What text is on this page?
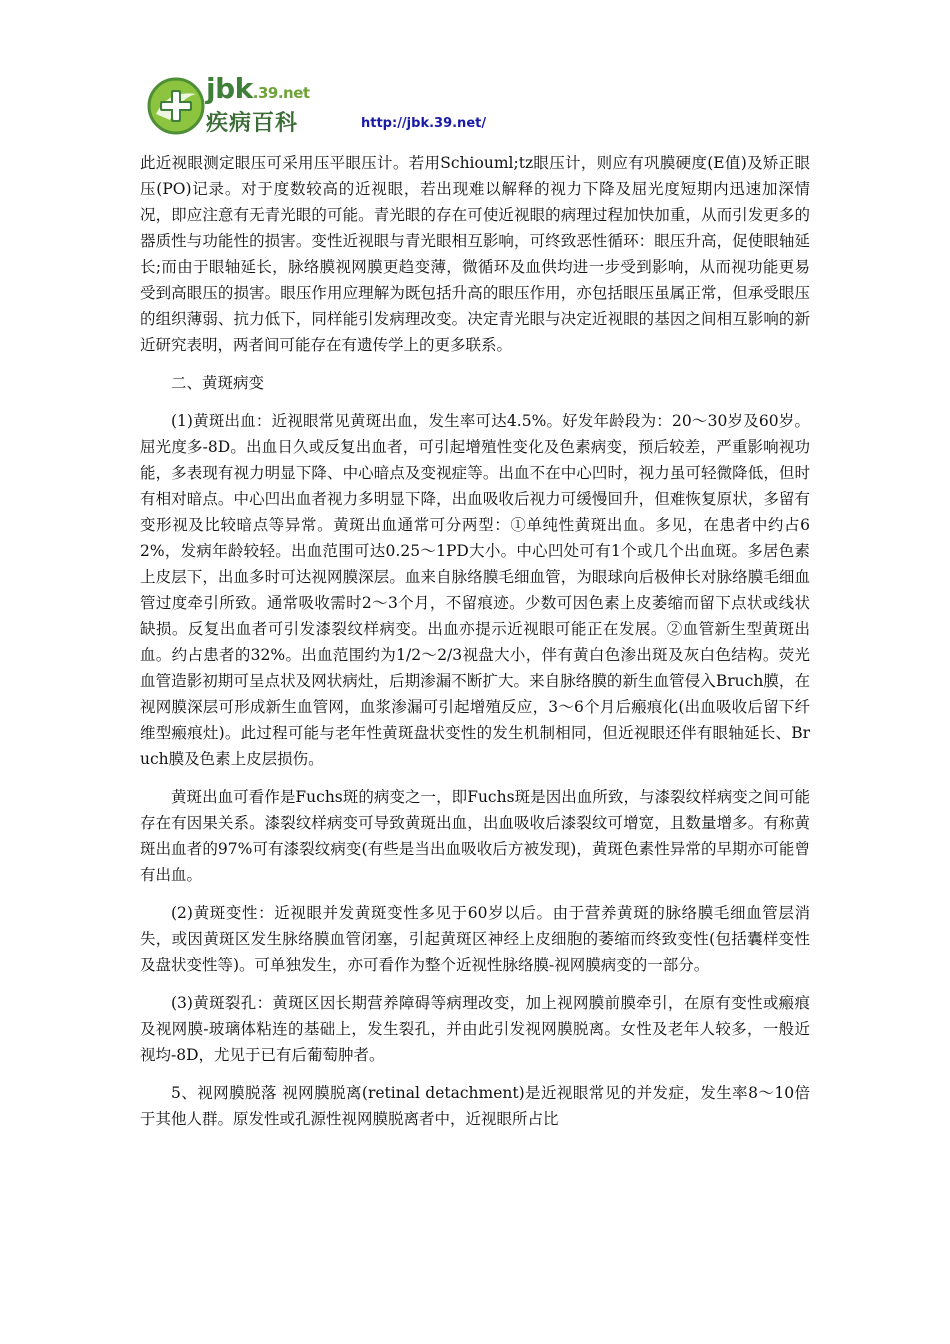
jbk.39.net
疾病百科	http://jbk.39.net/

此近视眼测定眼压可采用压平眼压计。若用Schiouml;tz眼压计，则应有巩膜硬度(E值)及矫正眼压(PO)记录。对于度数较高的近视眼，若出现难以解释的视力下降及屈光度短期内迅速加深情况，即应注意有无青光眼的可能。青光眼的存在可使近视眼的病理过程加快加重，从而引发更多的器质性与功能性的损害。变性近视眼与青光眼相互影响，可终致恶性循环：眼压升高，促使眼轴延长;而由于眼轴延长，脉络膜视网膜更趋变薄，微循环及血供均进一步受到影响，从而视功能更易受到高眼压的损害。眼压作用应理解为既包括升高的眼压作用，亦包括眼压虽属正常，但承受眼压的组织薄弱、抗力低下，同样能引发病理改变。决定青光眼与决定近视眼的基因之间相互影响的新近研究表明，两者间可能存在有遗传学上的更多联系。

二、黄斑病变

(1)黄斑出血：近视眼常见黄斑出血，发生率可达4.5%。好发年龄段为：20～30岁及60岁。屈光度多-8D。出血日久或反复出血者，可引起增殖性变化及色素病变，预后较差，严重影响视功能，多表现有视力明显下降、中心暗点及变视症等。出血不在中心凹时，视力虽可轻微降低，但时有相对暗点。中心凹出血者视力多明显下降，出血吸收后视力可缓慢回升，但难恢复原状，多留有变形视及比较暗点等异常。黄斑出血通常可分两型：①单纯性黄斑出血。多见，在患者中约占62%，发病年龄较轻。出血范围可达0.25～1PD大小。中心凹处可有1个或几个出血斑。多居色素上皮层下，出血多时可达视网膜深层。血来自脉络膜毛细血管，为眼球向后极伸长对脉络膜毛细血管过度牵引所致。通常吸收需时2～3个月，不留痕迹。少数可因色素上皮萎缩而留下点状或线状缺损。反复出血者可引发漆裂纹样病变。出血亦提示近视眼可能正在发展。②血管新生型黄斑出血。约占患者的32%。出血范围约为1/2～2/3视盘大小，伴有黄白色渗出斑及灰白色结构。荧光血管造影初期可呈点状及网状病灶，后期渗漏不断扩大。来自脉络膜的新生血管侵入Bruch膜，在视网膜深层可形成新生血管网，血浆渗漏可引起增殖反应，3～6个月后瘢痕化(出血吸收后留下纤维型瘢痕灶)。此过程可能与老年性黄斑盘状变性的发生机制相同，但近视眼还伴有眼轴延长、Bruch膜及色素上皮层损伤。

黄斑出血可看作是Fuchs斑的病变之一，即Fuchs斑是因出血所致，与漆裂纹样病变之间可能存在有因果关系。漆裂纹样病变可导致黄斑出血，出血吸收后漆裂纹可增宽，且数量增多。有称黄斑出血者的97%可有漆裂纹病变(有些是当出血吸收后方被发现)，黄斑色素性异常的早期亦可能曾有出血。

(2)黄斑变性：近视眼并发黄斑变性多见于60岁以后。由于营养黄斑的脉络膜毛细血管层消失，或因黄斑区发生脉络膜血管闭塞，引起黄斑区神经上皮细胞的萎缩而终致变性(包括囊样变性及盘状变性等)。可单独发生，亦可看作为整个近视性脉络膜-视网膜病变的一部分。

(3)黄斑裂孔：黄斑区因长期营养障碍等病理改变，加上视网膜前膜牵引，在原有变性或瘢痕及视网膜-玻璃体粘连的基础上，发生裂孔，并由此引发视网膜脱离。女性及老年人较多，一般近视均-8D，尤见于已有后葡萄肿者。

5、视网膜脱落 视网膜脱离(retinal detachment)是近视眼常见的并发症，发生率8～10倍于其他人群。原发性或孔源性视网膜脱离者中，近视眼所占比
